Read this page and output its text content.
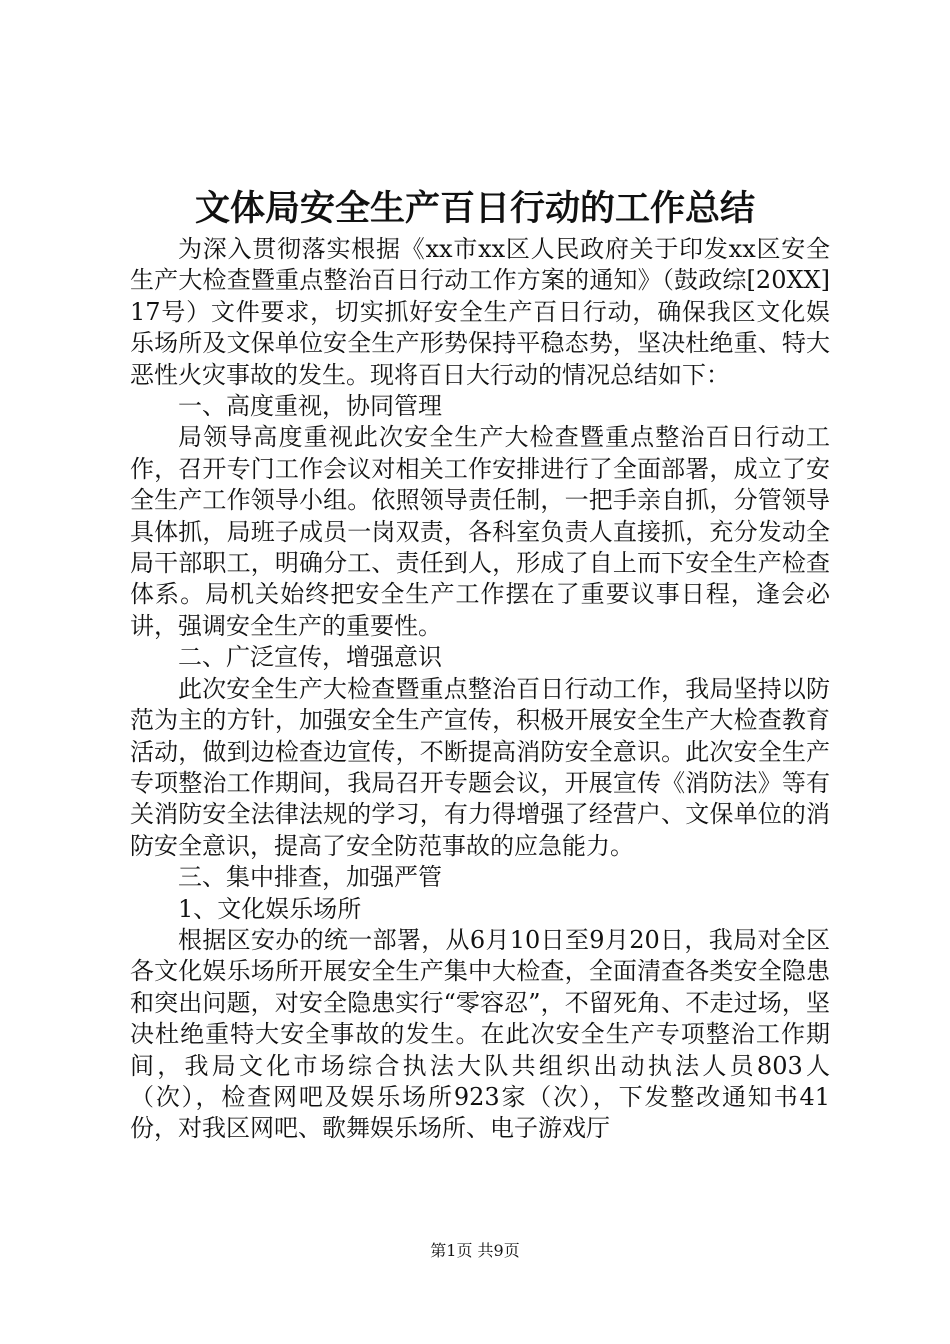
文体局安全生产百日行动的工作总结

为深入贯彻落实根据《xx市xx区人民政府关于印发xx区安全生产大检查暨重点整治百日行动工作方案的通知》（鼓政综[20XX]17号）文件要求，切实抓好安全生产百日行动，确保我区文化娱乐场所及文保单位安全生产形势保持平稳态势，坚决杜绝重、特大恶性火灾事故的发生。现将百日大行动的情况总结如下：

一、高度重视，协同管理

局领导高度重视此次安全生产大检查暨重点整治百日行动工作，召开专门工作会议对相关工作安排进行了全面部署，成立了安全生产工作领导小组。依照领导责任制，一把手亲自抓，分管领导具体抓，局班子成员一岗双责，各科室负责人直接抓，充分发动全局干部职工，明确分工、责任到人，形成了自上而下安全生产检查体系。局机关始终把安全生产工作摆在了重要议事日程，逢会必讲，强调安全生产的重要性。

二、广泛宣传，增强意识

此次安全生产大检查暨重点整治百日行动工作，我局坚持以防范为主的方针，加强安全生产宣传，积极开展安全生产大检查教育活动，做到边检查边宣传，不断提高消防安全意识。此次安全生产专项整治工作期间，我局召开专题会议，开展宣传《消防法》等有关消防安全法律法规的学习，有力得增强了经营户、文保单位的消防安全意识，提高了安全防范事故的应急能力。

三、集中排查，加强严管

1、文化娱乐场所

根据区安办的统一部署，从6月10日至9月20日，我局对全区各文化娱乐场所开展安全生产集中大检查，全面清查各类安全隐患和突出问题，对安全隐患实行“零容忍”，不留死角、不走过场，坚决杜绝重特大安全事故的发生。在此次安全生产专项整治工作期间，我局文化市场综合执法大队共组织出动执法人员803人（次），检查网吧及娱乐场所923家（次），下发整改通知书41份，对我区网吧、歌舞娱乐场所、电子游戏厅

第1页 共9页
